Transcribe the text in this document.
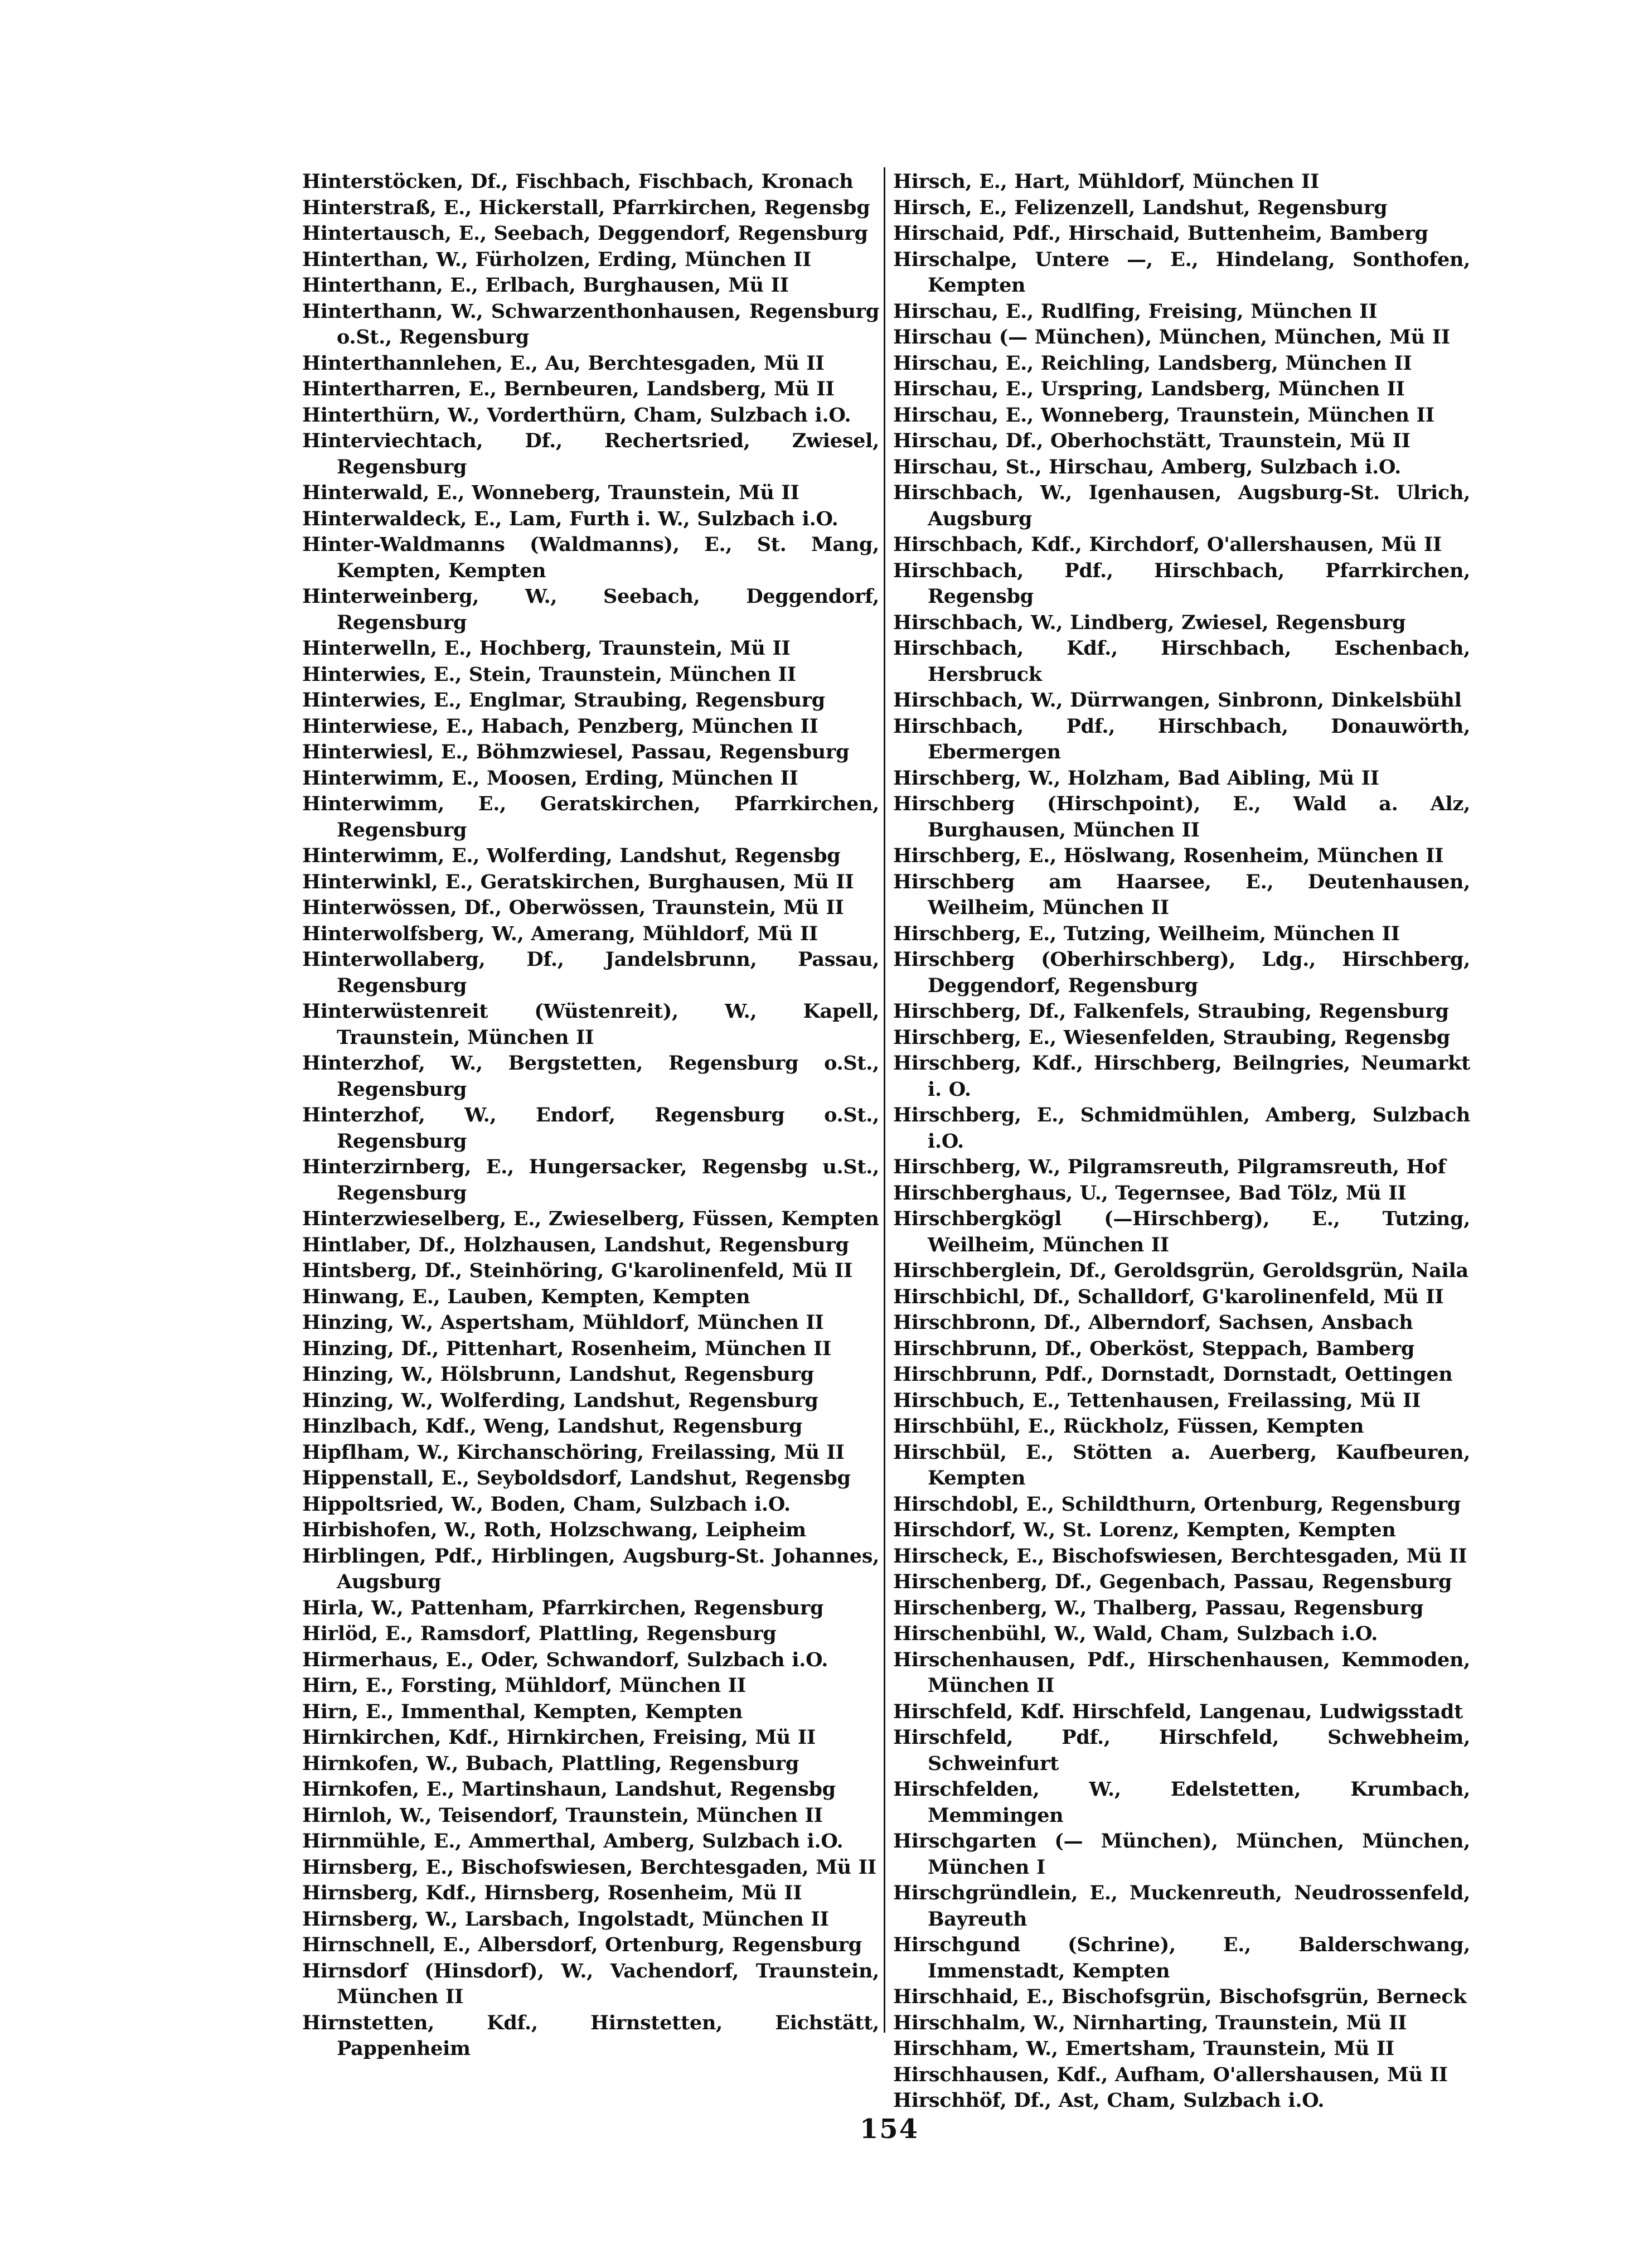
Hinterstöcken, Df., Fischbach, Fischbach, Kronach

Hinterstraß, E., Hickerstall, Pfarrkirchen, Regensbg

Hintertausch, E., Seebach, Deggendorf, Regensburg

Hinterthan, W., Fürholzen, Erding, München II

Hinterthann, E., Erlbach, Burghausen, Mü II

Hinterthann, W., Schwarzenthonhausen, Regensburg o.St., Regensburg

Hinterthannlehen, E., Au, Berchtesgaden, Mü II

Hintertharren, E., Bernbeuren, Landsberg, Mü II

Hinterthürn, W., Vorderthürn, Cham, Sulzbach i.O.

Hinterviechtach, Df., Rechertsried, Zwiesel, Regensburg

Hinterwald, E., Wonneberg, Traunstein, Mü II

Hinterwaldeck, E., Lam, Furth i. W., Sulzbach i.O.

Hinter-Waldmanns (Waldmanns), E., St. Mang, Kempten, Kempten

Hinterweinberg, W., Seebach, Deggendorf, Regensburg

Hinterwelln, E., Hochberg, Traunstein, Mü II

Hinterwies, E., Stein, Traunstein, München II

Hinterwies, E., Englmar, Straubing, Regensburg

Hinterwiese, E., Habach, Penzberg, München II

Hinterwiesl, E., Böhmzwiesel, Passau, Regensburg

Hinterwimm, E., Moosen, Erding, München II

Hinterwimm, E., Geratskirchen, Pfarrkirchen, Regensburg

Hinterwimm, E., Wolferding, Landshut, Regensbg

Hinterwinkl, E., Geratskirchen, Burghausen, Mü II

Hinterwössen, Df., Oberwössen, Traunstein, Mü II

Hinterwolfsberg, W., Amerang, Mühldorf, Mü II

Hinterwollaberg, Df., Jandelsbrunn, Passau, Regensburg

Hinterwüstenreit (Wüstenreit), W., Kapell, Traunstein, München II

Hinterzhof, W., Bergstetten, Regensburg o.St., Regensburg

Hinterzhof, W., Endorf, Regensburg o.St., Regensburg

Hinterzirnberg, E., Hungersacker, Regensbg u.St., Regensburg

Hinterzwieselberg, E., Zwieselberg, Füssen, Kempten

Hintlaber, Df., Holzhausen, Landshut, Regensburg

Hintsberg, Df., Steinhöring, G'karolinenfeld, Mü II

Hinwang, E., Lauben, Kempten, Kempten

Hinzing, W., Aspertsham, Mühldorf, München II

Hinzing, Df., Pittenhart, Rosenheim, München II

Hinzing, W., Hölsbrunn, Landshut, Regensburg

Hinzing, W., Wolferding, Landshut, Regensburg

Hinzlbach, Kdf., Weng, Landshut, Regensburg

Hipflham, W., Kirchanschöring, Freilassing, Mü II

Hippenstall, E., Seyboldsdorf, Landshut, Regensbg

Hippoltsried, W., Boden, Cham, Sulzbach i.O.

Hirbishofen, W., Roth, Holzschwang, Leipheim

Hirblingen, Pdf., Hirblingen, Augsburg-St. Johannes, Augsburg

Hirla, W., Pattenham, Pfarrkirchen, Regensburg

Hirlöd, E., Ramsdorf, Plattling, Regensburg

Hirmerhaus, E., Oder, Schwandorf, Sulzbach i.O.

Hirn, E., Forsting, Mühldorf, München II

Hirn, E., Immenthal, Kempten, Kempten

Hirnkirchen, Kdf., Hirnkirchen, Freising, Mü II

Hirnkofen, W., Bubach, Plattling, Regensburg

Hirnkofen, E., Martinshaun, Landshut, Regensbg

Hirnloh, W., Teisendorf, Traunstein, München II

Hirnmühle, E., Ammerthal, Amberg, Sulzbach i.O.

Hirnsberg, E., Bischofswiesen, Berchtesgaden, Mü II

Hirnsberg, Kdf., Hirnsberg, Rosenheim, Mü II

Hirnsberg, W., Larsbach, Ingolstadt, München II

Hirnschnell, E., Albersdorf, Ortenburg, Regensburg

Hirnsdorf (Hinsdorf), W., Vachendorf, Traunstein, München II

Hirnstetten, Kdf., Hirnstetten, Eichstätt, Pappenheim

Hirsch, E., Hart, Mühldorf, München II

Hirsch, E., Felizenzell, Landshut, Regensburg

Hirschaid, Pdf., Hirschaid, Buttenheim, Bamberg

Hirschalpe, Untere —, E., Hindelang, Sonthofen, Kempten

Hirschau, E., Rudlfing, Freising, München II

Hirschau (— München), München, München, Mü II

Hirschau, E., Reichling, Landsberg, München II

Hirschau, E., Urspring, Landsberg, München II

Hirschau, E., Wonneberg, Traunstein, München II

Hirschau, Df., Oberhochstätt, Traunstein, Mü II

Hirschau, St., Hirschau, Amberg, Sulzbach i.O.

Hirschbach, W., Igenhausen, Augsburg-St. Ulrich, Augsburg

Hirschbach, Kdf., Kirchdorf, O'allershausen, Mü II

Hirschbach, Pdf., Hirschbach, Pfarrkirchen, Regensbg

Hirschbach, W., Lindberg, Zwiesel, Regensburg

Hirschbach, Kdf., Hirschbach, Eschenbach, Hersbruck

Hirschbach, W., Dürrwangen, Sinbronn, Dinkelsbühl

Hirschbach, Pdf., Hirschbach, Donauwörth, Ebermergen

Hirschberg, W., Holzham, Bad Aibling, Mü II

Hirschberg (Hirschpoint), E., Wald a. Alz, Burghausen, München II

Hirschberg, E., Höslwang, Rosenheim, München II

Hirschberg am Haarsee, E., Deutenhausen, Weilheim, München II

Hirschberg, E., Tutzing, Weilheim, München II

Hirschberg (Oberhirschberg), Ldg., Hirschberg, Deggendorf, Regensburg

Hirschberg, Df., Falkenfels, Straubing, Regensburg

Hirschberg, E., Wiesenfelden, Straubing, Regensbg

Hirschberg, Kdf., Hirschberg, Beilngries, Neumarkt i. O.

Hirschberg, E., Schmidmühlen, Amberg, Sulzbach i.O.

Hirschberg, W., Pilgramsreuth, Pilgramsreuth, Hof

Hirschberghaus, U., Tegernsee, Bad Tölz, Mü II

Hirschbergkögl (—Hirschberg), E., Tutzing, Weilheim, München II

Hirschberglein, Df., Geroldsgrün, Geroldsgrün, Naila

Hirschbichl, Df., Schalldorf, G'karolinenfeld, Mü II

Hirschbronn, Df., Alberndorf, Sachsen, Ansbach

Hirschbrunn, Df., Oberköst, Steppach, Bamberg

Hirschbrunn, Pdf., Dornstadt, Dornstadt, Oettingen

Hirschbuch, E., Tettenhausen, Freilassing, Mü II

Hirschbühl, E., Rückholz, Füssen, Kempten

Hirschbül, E., Stötten a. Auerberg, Kaufbeuren, Kempten

Hirschdobl, E., Schildthurn, Ortenburg, Regensburg

Hirschdorf, W., St. Lorenz, Kempten, Kempten

Hirscheck, E., Bischofswiesen, Berchtesgaden, Mü II

Hirschenberg, Df., Gegenbach, Passau, Regensburg

Hirschenberg, W., Thalberg, Passau, Regensburg

Hirschenbühl, W., Wald, Cham, Sulzbach i.O.

Hirschenhausen, Pdf., Hirschenhausen, Kemmoden, München II

Hirschfeld, Kdf. Hirschfeld, Langenau, Ludwigsstadt

Hirschfeld, Pdf., Hirschfeld, Schwebheim, Schweinfurt

Hirschfelden, W., Edelstetten, Krumbach, Memmingen

Hirschgarten (— München), München, München, München I

Hirschgründlein, E., Muckenreuth, Neudrossenfeld, Bayreuth

Hirschgund (Schrine), E., Balderschwang, Immenstadt, Kempten

Hirschhaid, E., Bischofsgrün, Bischofsgrün, Berneck

Hirschhalm, W., Nirnharting, Traunstein, Mü II

Hirschham, W., Emertsham, Traunstein, Mü II

Hirschhausen, Kdf., Aufham, O'allershausen, Mü II

Hirschhöf, Df., Ast, Cham, Sulzbach i.O.

154
